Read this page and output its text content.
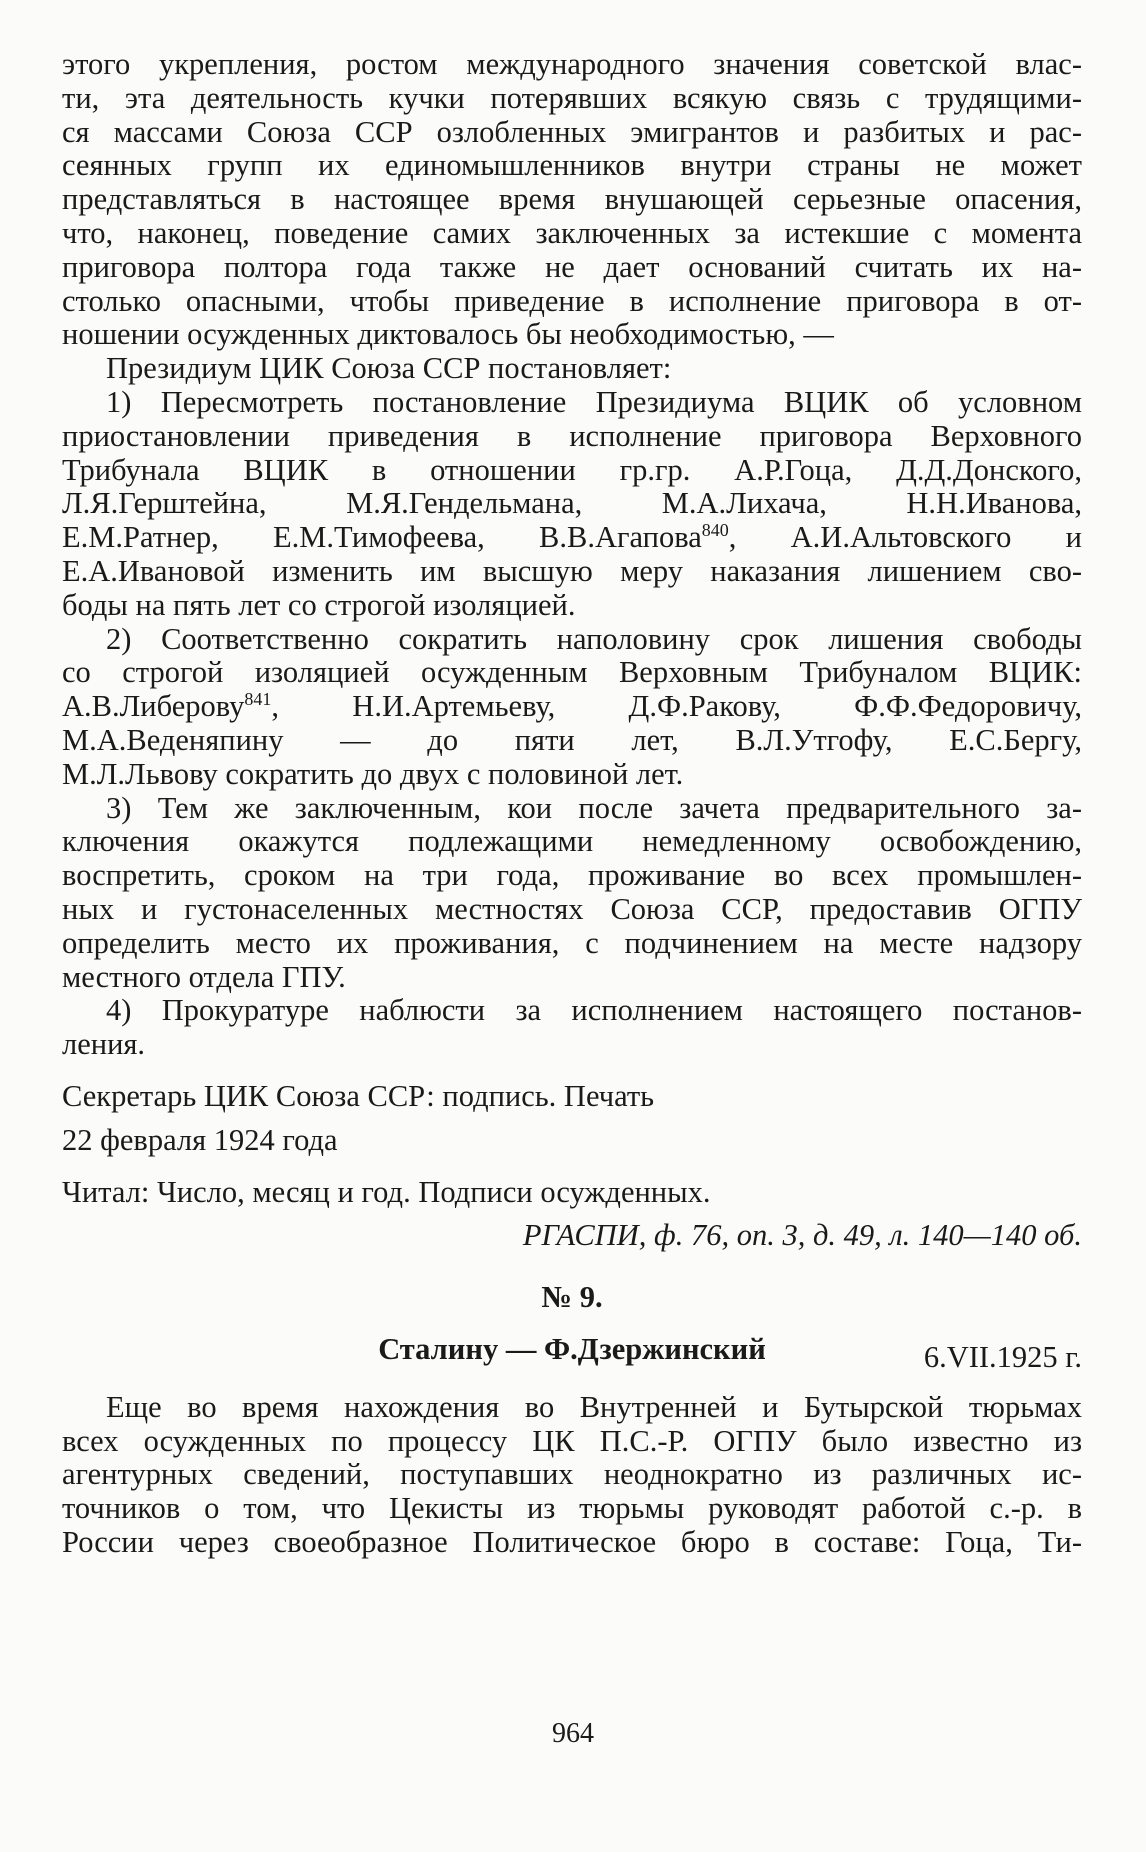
этого укрепления, ростом международного значения советской влас-
ти, эта деятельность кучки потерявших всякую связь с трудящими-
ся массами Союза ССР озлобленных эмигрантов и разбитых и рас-
сеянных групп их единомышленников внутри страны не может
представляться в настоящее время внушающей серьезные опасения,
что, наконец, поведение самих заключенных за истекшие с момента
приговора полтора года также не дает оснований считать их на-
столько опасными, чтобы приведение в исполнение приговора в от-
ношении осужденных диктовалось бы необходимостью, —
Президиум ЦИК Союза ССР постановляет:
1) Пересмотреть постановление Президиума ВЦИК об условном
приостановлении приведения в исполнение приговора Верховного
Трибунала ВЦИК в отношении гр.гр. А.Р.Гоца, Д.Д.Донского,
Л.Я.Герштейна, М.Я.Гендельмана, М.А.Лихача, Н.Н.Иванова,
Е.М.Ратнер, Е.М.Тимофеева, В.В.Агапова$^{840}$, А.И.Альтовского и
Е.А.Ивановой изменить им высшую меру наказания лишением сво-
боды на пять лет со строгой изоляцией.
2) Соответственно сократить наполовину срок лишения свободы
со строгой изоляцией осужденным Верховным Трибуналом ВЦИК:
А.В.Либерову$^{841}$, Н.И.Артемьеву, Д.Ф.Ракову, Ф.Ф.Федоровичу,
М.А.Веденяпину — до пяти лет, В.Л.Утгофу, Е.С.Бергу,
М.Л.Львову сократить до двух с половиной лет.
3) Тем же заключенным, кои после зачета предварительного за-
ключения окажутся подлежащими немедленному освобождению,
воспретить, сроком на три года, проживание во всех промышлен-
ных и густонаселенных местностях Союза ССР, предоставив ОГПУ
определить место их проживания, с подчинением на месте надзору
местного отдела ГПУ.
4) Прокуратуре наблюсти за исполнением настоящего постанов-
ления.
Секретарь ЦИК Союза ССР: подпись. Печать
22 февраля 1924 года
Читал: Число, месяц и год. Подписи осужденных.
РГАСПИ, ф. 76, оп. 3, д. 49, л. 140—140 об.
№ 9.
Сталину — Ф.Дзержинский	6.VII.1925 г.
Еще во время нахождения во Внутренней и Бутырской тюрьмах
всех осужденных по процессу ЦК П.С.-Р. ОГПУ было известно из
агентурных сведений, поступавших неоднократно из различных ис-
точников о том, что Цекисты из тюрьмы руководят работой с.-р. в
России через своеобразное Политическое бюро в составе: Гоца, Ти-
964
